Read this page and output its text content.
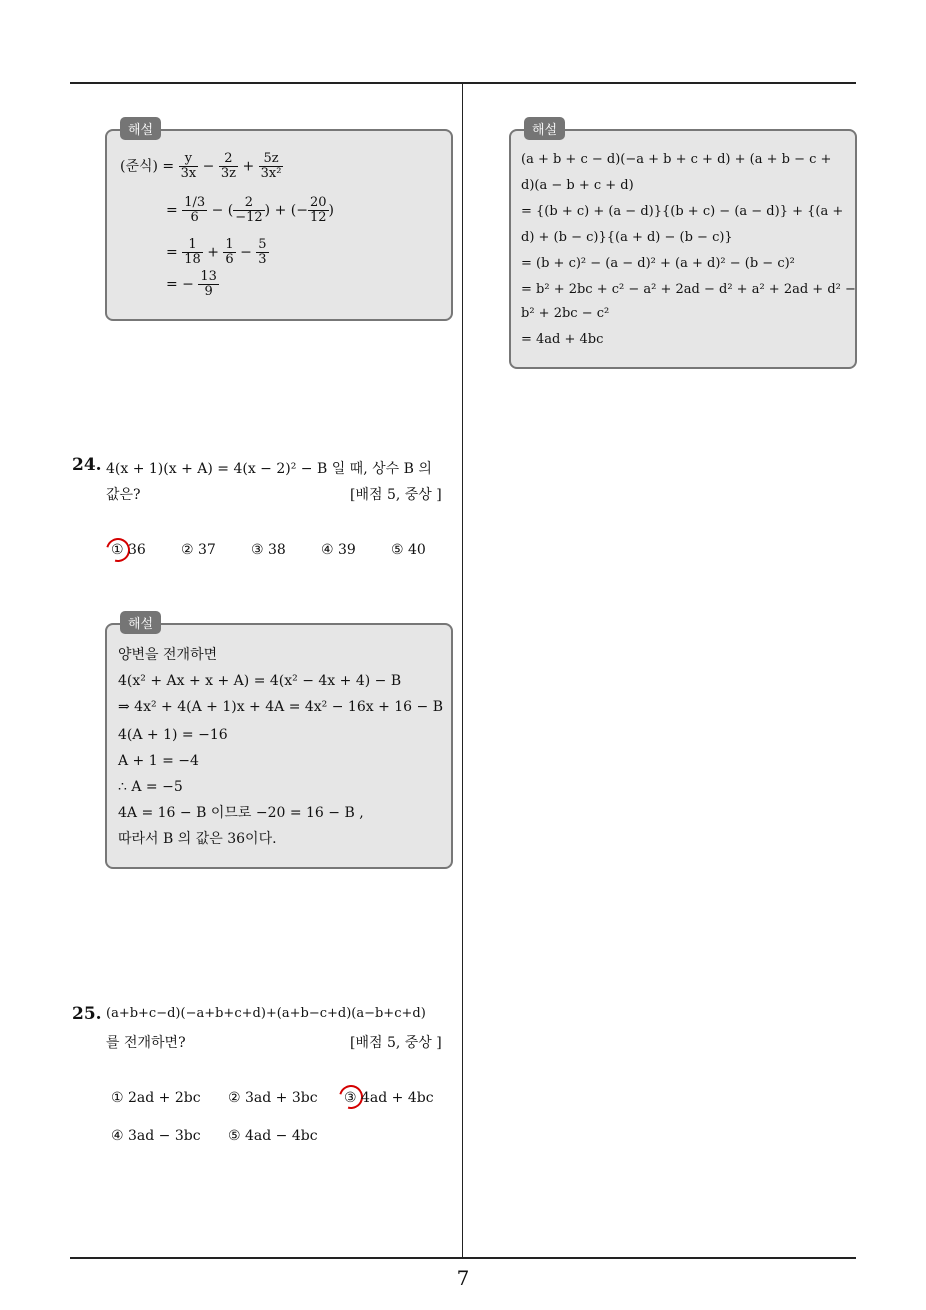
해설
(준식) = $\frac{y}{3x} - \frac{2}{3z} + \frac{5z}{\text{3x²}}$
= $\frac{1/3}{6}$ − ( $\frac{2}{-12}$ ) + (− $\frac{20}{12}$ )
= $\frac{1}{18} + \frac{1}{6} - \frac{5}{3}$
= − $\frac{13}{9}$
24. 4(x + 1)(x + A) = 4(x − 2)² − B 일 때, 상수 B 의
값은?	[배점 5, 중상 ]
① 36	② 37	③ 38	④ 39	⑤ 40
해설
양변을 전개하면
4(x² + Ax + x + A) = 4(x² − 4x + 4) − B
⇒ 4x² + 4(A + 1)x + 4A = 4x² − 16x + 16 − B
4(A + 1) = −16
A + 1 = −4
∴ A = −5
4A = 16 − B 이므로 −20 = 16 − B ,
따라서 B 의 값은 36이다.
25. (a+b+c−d)(−a+b+c+d)+(a+b−c+d)(a−b+c+d)
를 전개하면?	[배점 5, 중상 ]
① 2ad + 2bc ② 3ad + 3bc ③ 4ad + 4bc
④ 3ad − 3bc ⑤ 4ad − 4bc
해설
(a + b + c − d)(−a + b + c + d) + (a + b − c +
d)(a − b + c + d)
= {(b + c) + (a − d)}{(b + c) − (a − d)} + {(a +
d) + (b − c)}{(a + d) − (b − c)}
= (b + c)² − (a − d)² + (a + d)² − (b − c)²
= b² + 2bc + c² − a² + 2ad − d² + a² + 2ad + d² −
b² + 2bc − c²
= 4ad + 4bc
7
